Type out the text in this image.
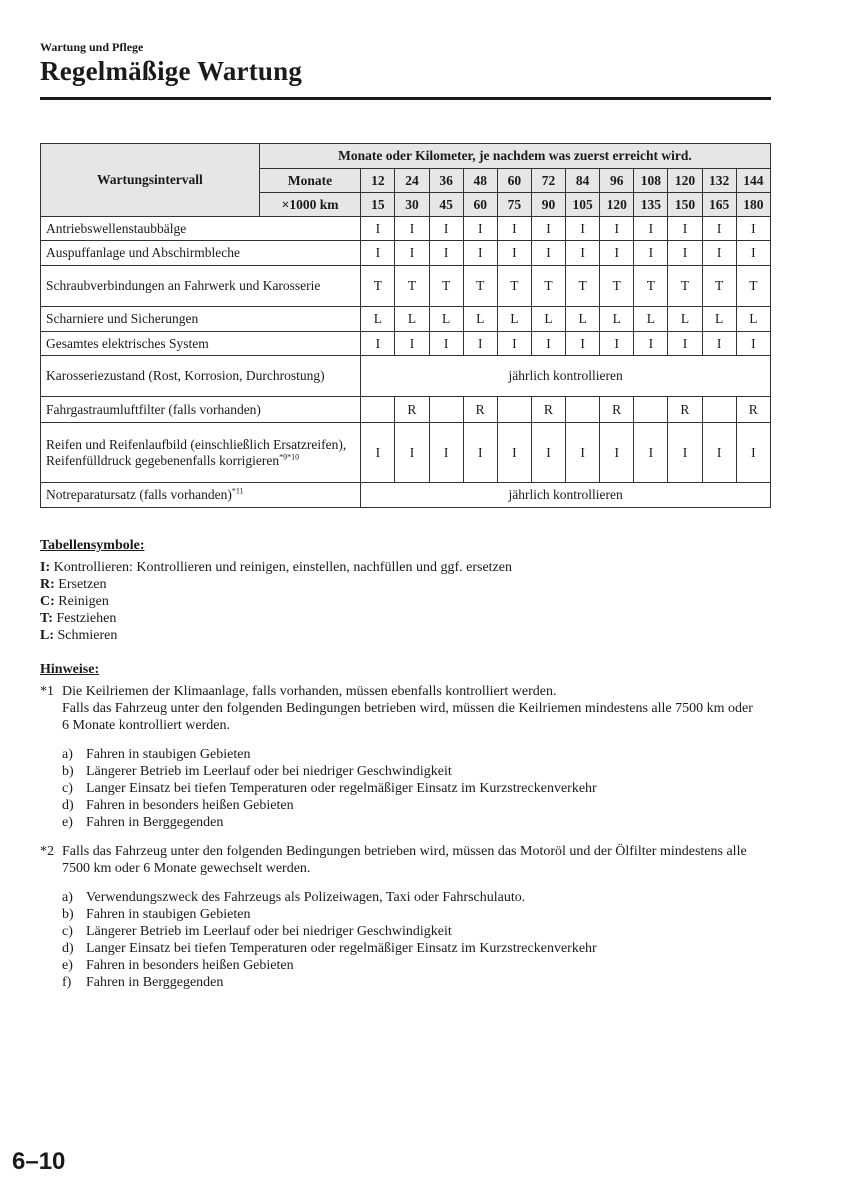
Wartung und Pflege
Regelmäßige Wartung
Wartungsintervall	Monate oder Kilometer, je nachdem was zuerst erreicht wird.												
	Monate	12	24	36	48	60	72	84	96	108	120	132	144
	×1000 km	15	30	45	60	75	90	105	120	135	150	165	180
Antriebswellenstaubbälge		I	I	I	I	I	I	I	I	I	I	I	I
Auspuffanlage und Abschirmbleche		I	I	I	I	I	I	I	I	I	I	I	I
Schraubverbindungen an Fahrwerk und Karosserie		T	T	T	T	T	T	T	T	T	T	T	T
Scharniere und Sicherungen		L	L	L	L	L	L	L	L	L	L	L	L
Gesamtes elektrisches System		I	I	I	I	I	I	I	I	I	I	I	I
Karosseriezustand (Rost, Korrosion, Durchrostung)		jährlich kontrollieren											
Fahrgastraumluftfilter (falls vorhanden)			R		R		R		R		R		R
Reifen und Reifenlaufbild (einschließlich Ersatzreifen), Reifenfülldruck gegebenenfalls korrigieren$^{*9*10}$		I	I	I	I	I	I	I	I	I	I	I	I
Notreparatursatz (falls vorhanden)$^{*11}$		jährlich kontrollieren											
Tabellensymbole:
I: Kontrollieren: Kontrollieren und reinigen, einstellen, nachfüllen und ggf. ersetzen
R: Ersetzen
C: Reinigen
T: Festziehen
L: Schmieren
Hinweise:
*1 Die Keilriemen der Klimaanlage, falls vorhanden, müssen ebenfalls kontrolliert werden.
Falls das Fahrzeug unter den folgenden Bedingungen betrieben wird, müssen die Keilriemen mindestens alle 7500 km oder 6 Monate kontrolliert werden.
a) Fahren in staubigen Gebieten
b) Längerer Betrieb im Leerlauf oder bei niedriger Geschwindigkeit
c) Langer Einsatz bei tiefen Temperaturen oder regelmäßiger Einsatz im Kurzstreckenverkehr
d) Fahren in besonders heißen Gebieten
e) Fahren in Berggegenden
*2 Falls das Fahrzeug unter den folgenden Bedingungen betrieben wird, müssen das Motoröl und der Ölfilter mindestens alle 7500 km oder 6 Monate gewechselt werden.
a) Verwendungszweck des Fahrzeugs als Polizeiwagen, Taxi oder Fahrschulauto.
b) Fahren in staubigen Gebieten
c) Längerer Betrieb im Leerlauf oder bei niedriger Geschwindigkeit
d) Langer Einsatz bei tiefen Temperaturen oder regelmäßiger Einsatz im Kurzstreckenverkehr
e) Fahren in besonders heißen Gebieten
f)	Fahren in Berggegenden
6–10
